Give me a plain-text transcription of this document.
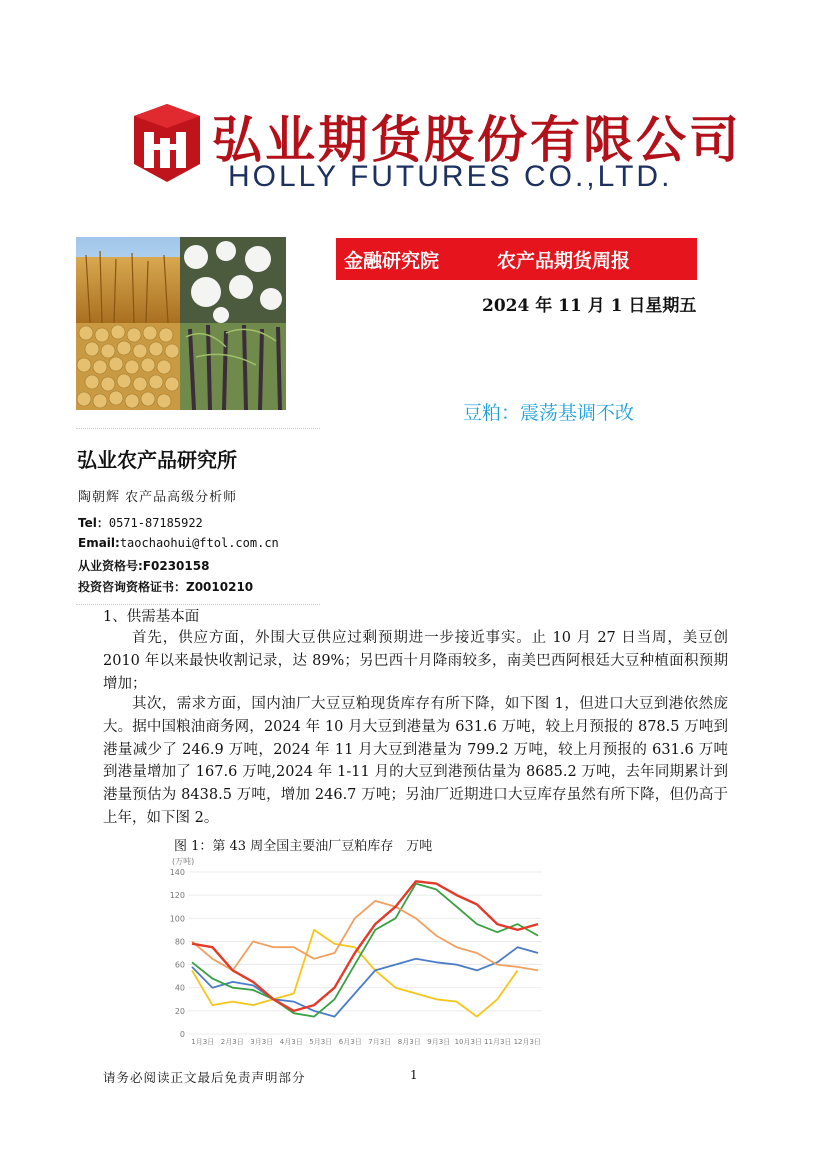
弘业期货股份有限公司
HOLLY FUTURES CO.,LTD.
金融研究院	农产品期货周报
2024 年 11 月 1 日星期五
豆粕：震荡基调不改
弘业农产品研究所
陶朝辉 农产品高级分析师
Tel：0571-87185922
Email:taochaohui@ftol.com.cn
从业资格号:F0230158
投资咨询资格证书：Z0010210
1、供需基本面

首先，供应方面，外围大豆供应过剩预期进一步接近事实。止 10 月 27 日当周，美豆创 2010 年以来最快收割记录，达 89%；另巴西十月降雨较多，南美巴西阿根廷大豆种植面积预期增加；

其次，需求方面，国内油厂大豆豆粕现货库存有所下降，如下图 1，但进口大豆到港依然庞大。据中国粮油商务网，2024 年 10 月大豆到港量为 631.6 万吨，较上月预报的 878.5 万吨到港量减少了 246.9 万吨，2024 年 11 月大豆到港量为 799.2 万吨，较上月预报的 631.6 万吨到港量增加了 167.6 万吨,2024 年 1-11 月的大豆到港预估量为 8685.2 万吨，去年同期累计到港量预估为 8438.5 万吨，增加 246.7 万吨；另油厂近期进口大豆库存虽然有所下降，但仍高于上年，如下图 2。

图 1：第 43 周全国主要油厂豆粕库存　万吨
(万吨)
0
20
40
60
80
100
120
140
1月3日 2月3日 3月3日 4月3日 5月3日 6月3日 7月3日 8月3日 9月3日 10月3日 11月3日 12月3日
请务必阅读正文最后免责声明部分	1
